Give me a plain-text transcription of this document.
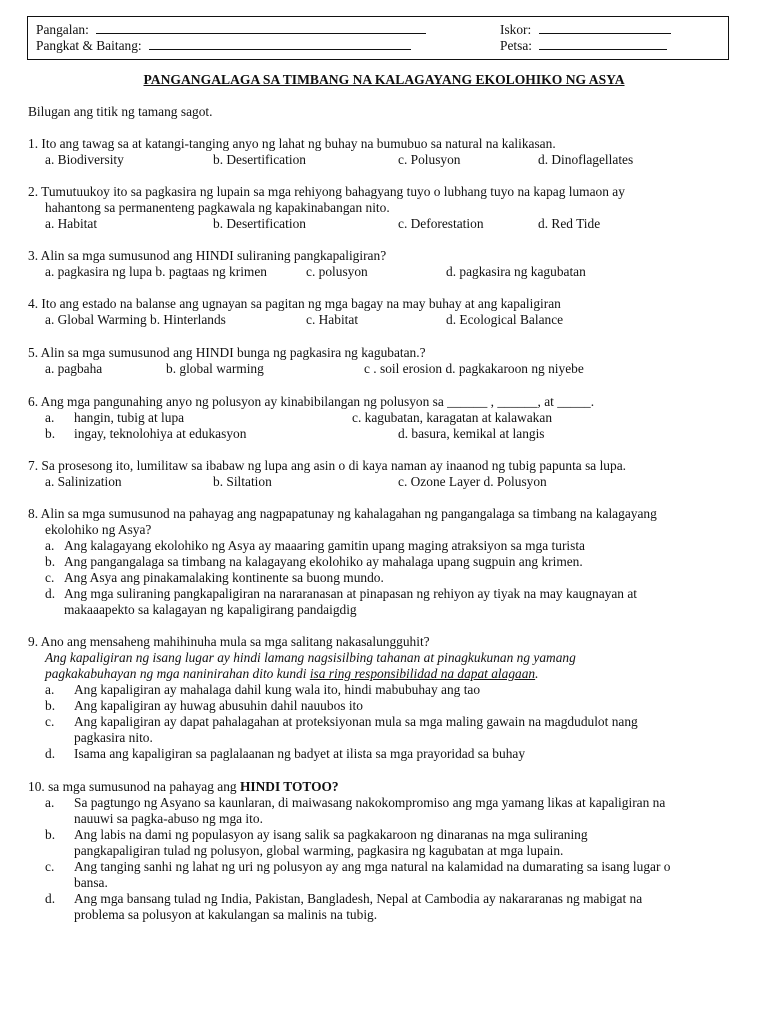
Pangalan:
Pangkat & Baitang:
Iskor:
Petsa:
PANGANGALAGA SA TIMBANG NA KALAGAYANG EKOLOHIKO NG ASYA
Bilugan ang titik ng tamang sagot.
1. Ito ang tawag sa at katangi-tanging anyo ng lahat ng buhay na bumubuo sa natural na kalikasan.
a. Biodiversity	b. Desertification	c. Polusyon	d. Dinoflagellates
2. Tumutuukoy ito sa pagkasira ng lupain sa mga rehiyong bahagyang tuyo o lubhang tuyo na kapag lumaon ay
hahantong sa permanenteng pagkawala ng kapakinabangan nito.
a. Habitat	b. Desertification	c. Deforestation	d. Red Tide
3. Alin sa mga sumusunod ang HINDI suliraning pangkapaligiran?
a. pagkasira ng lupa b. pagtaas ng krimen	c. polusyon	d. pagkasira ng kagubatan
4. Ito ang estado na balanse ang ugnayan sa pagitan ng mga bagay na may buhay at ang kapaligiran
a. Global Warming b. Hinterlands	c. Habitat	d. Ecological Balance
5. Alin sa mga sumusunod ang HINDI bunga ng pagkasira ng kagubatan.?
a. pagbaha	b. global warming	c . soil erosion d. pagkakaroon ng niyebe
6. Ang mga pangunahing anyo ng polusyon ay kinabibilangan ng polusyon sa ______ , ______, at _____.
a. hangin, tubig at lupa	c. kagubatan, karagatan at kalawakan
b. ingay, teknolohiya at edukasyon	d. basura, kemikal at langis
7. Sa prosesong ito, lumilitaw sa ibabaw ng lupa ang asin o di kaya naman ay inaanod ng tubig papunta sa lupa.
a. Salinization	b. Siltation	c. Ozone Layer d. Polusyon
8. Alin sa mga sumusunod na pahayag ang nagpapatunay ng kahalagahan ng pangangalaga sa timbang na kalagayang
ekolohiko ng Asya?
a. Ang kalagayang ekolohiko ng Asya ay maaaring gamitin upang maging atraksiyon sa mga turista
b. Ang pangangalaga sa timbang na kalagayang ekolohiko ay mahalaga upang sugpuin ang krimen.
c. Ang Asya ang pinakamalaking kontinente sa buong mundo.
d. Ang mga suliraning pangkapaligiran na nararanasan at pinapasan ng rehiyon ay tiyak na may kaugnayan at
makaaapekto sa kalagayan ng kapaligirang pandaigdig
9. Ano ang mensaheng mahihinuha mula sa mga salitang nakasalungguhit?
Ang kapaligiran ng isang lugar ay hindi lamang nagsisilbing tahanan at pinagkukunan ng yamang
pagkakabuhayan ng mga naninirahan dito kundi isa ring responsibilidad na dapat alagaan.
a. Ang kapaligiran ay mahalaga dahil kung wala ito, hindi mabubuhay ang tao
b. Ang kapaligiran ay huwag abusuhin dahil nauubos ito
c. Ang kapaligiran ay dapat pahalagahan at proteksiyonan mula sa mga maling gawain na magdudulot nang
pagkasira nito.
d. Isama ang kapaligiran sa paglalaanan ng badyet at ilista sa mga prayoridad sa buhay
10. sa mga sumusunod na pahayag ang HINDI TOTOO?
a. Sa pagtungo ng Asyano sa kaunlaran, di maiwasang nakokompromiso ang mga yamang likas at kapaligiran na
nauuwi sa pagka-abuso ng mga ito.
b. Ang labis na dami ng populasyon ay isang salik sa pagkakaroon ng dinaranas na mga suliraning
pangkapaligiran tulad ng polusyon, global warming, pagkasira ng kagubatan at mga lupain.
c. Ang tanging sanhi ng lahat ng uri ng polusyon ay ang mga natural na kalamidad na dumarating sa isang lugar o
bansa.
d. Ang mga bansang tulad ng India, Pakistan, Bangladesh, Nepal at Cambodia ay nakararanas ng mabigat na
problema sa polusyon at kakulangan sa malinis na tubig.
